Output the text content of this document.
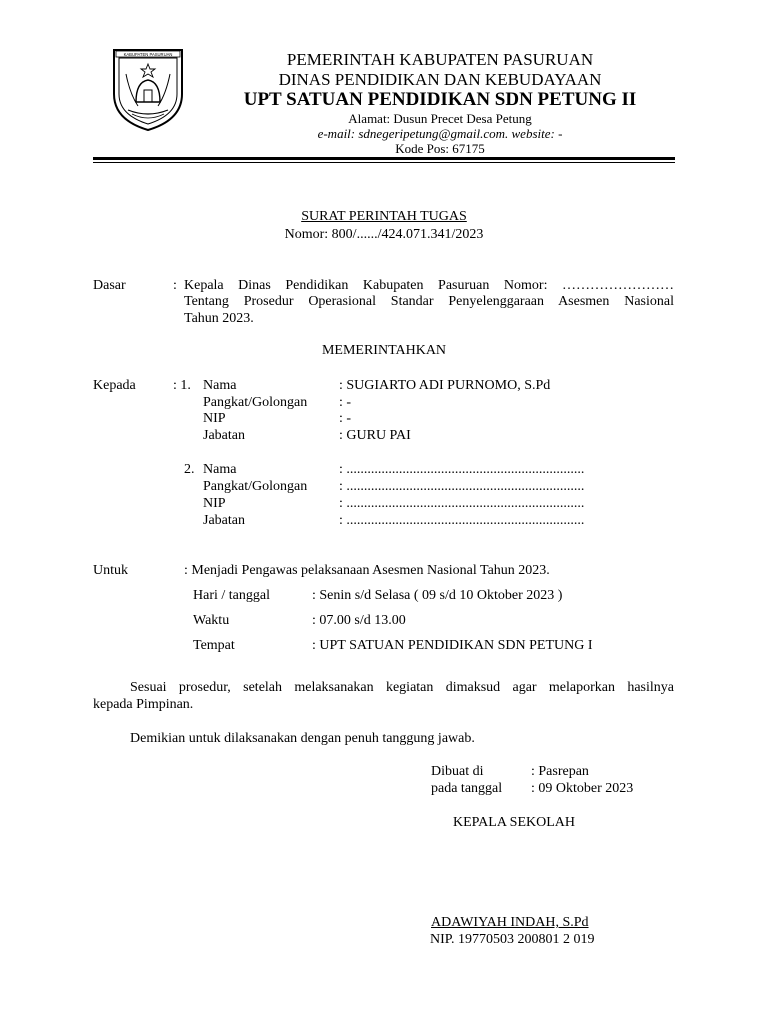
KABUPATEN PASURUAN	PEMERINTAH KABUPATEN PASURUAN
DINAS PENDIDIKAN DAN KEBUDAYAAN
UPT SATUAN PENDIDIKAN SDN PETUNG II
Alamat: Dusun Precet Desa Petung
e-mail: sdnegeripetung@gmail.com. website: -
Kode Pos: 67175
SURAT PERINTAH TUGAS
Nomor: 800/....../424.071.341/2023
Dasar	: Kepala Dinas Pendidikan Kabupaten Pasuruan Nomor: ……………………
Tentang Prosedur Operasional Standar Penyelenggaraan Asesmen Nasional
Tahun 2023.
MEMERINTAHKAN
Kepada	: 1. Nama	: SUGIARTO ADI PURNOMO, S.Pd
Pangkat/Golongan : -
NIP	: -
Jabatan	: GURU PAI
2. Nama	: ....................................................................
Pangkat/Golongan : ....................................................................
NIP	: ....................................................................
Jabatan	: ....................................................................
Untuk	: Menjadi Pengawas pelaksanaan Asesmen Nasional Tahun 2023.
Hari / tanggal	: Senin s/d Selasa ( 09 s/d 10 Oktober 2023 )
Waktu	: 07.00 s/d 13.00
Tempat	: UPT SATUAN PENDIDIKAN SDN PETUNG I
Sesuai prosedur, setelah melaksanakan kegiatan dimaksud agar melaporkan hasilnya
kepada Pimpinan.
Demikian untuk dilaksanakan dengan penuh tanggung jawab.
Dibuat di	: Pasrepan
pada tanggal : 09 Oktober 2023
KEPALA SEKOLAH
ADAWIYAH INDAH, S.Pd
NIP. 19770503 200801 2 019
